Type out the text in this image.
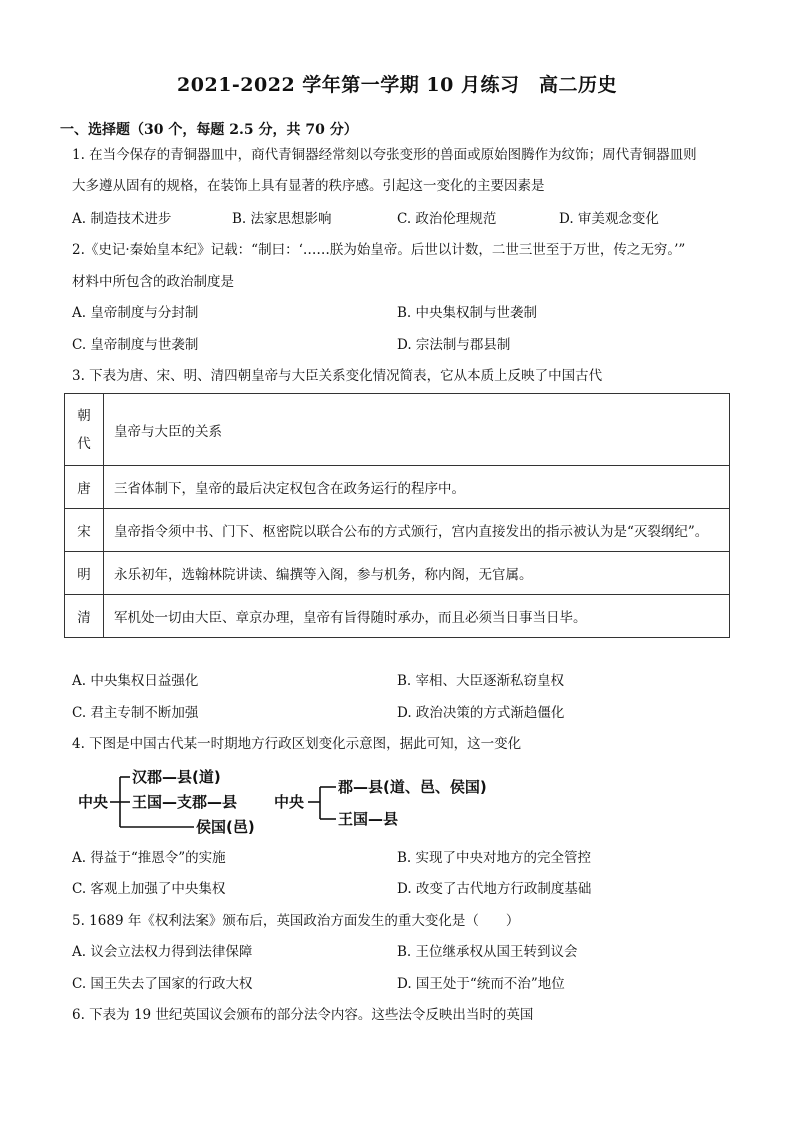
2021-2022 学年第一学期 10 月练习　高二历史
一、选择题（30 个，每题 2.5 分，共 70 分）
1. 在当今保存的青铜器皿中，商代青铜器经常刻以夸张变形的兽面或原始图腾作为纹饰；周代青铜器皿则
大多遵从固有的规格，在装饰上具有显著的秩序感。引起这一变化的主要因素是
A. 制造技术进步	B. 法家思想影响	C. 政治伦理规范	D. 审美观念变化
2.《史记·秦始皇本纪》记载：“制曰：‘……朕为始皇帝。后世以计数，二世三世至于万世，传之无穷。’”
材料中所包含的政治制度是
A. 皇帝制度与分封制	B. 中央集权制与世袭制
C. 皇帝制度与世袭制	D. 宗法制与郡县制
3. 下表为唐、宋、明、清四朝皇帝与大臣关系变化情况简表，它从本质上反映了中国古代
朝
代	皇帝与大臣的关系
唐	三省体制下，皇帝的最后决定权包含在政务运行的程序中。
宋	皇帝指令须中书、门下、枢密院以联合公布的方式颁行，宫内直接发出的指示被认为是“灭裂纲纪”。
明	永乐初年，选翰林院讲读、编撰等入阁，参与机务，称内阁，无官属。
清	军机处一切由大臣、章京办理，皇帝有旨得随时承办，而且必须当日事当日毕。
A. 中央集权日益强化	B. 宰相、大臣逐渐私窃皇权
C. 君主专制不断加强	D. 政治决策的方式渐趋僵化
4. 下图是中国古代某一时期地方行政区划变化示意图，据此可知，这一变化
中央
汉郡—县(道)
王国—支郡—县
侯国(邑)
中央
郡—县(道、邑、侯国)
王国—县
A. 得益于“推恩令”的实施	B. 实现了中央对地方的完全管控
C. 客观上加强了中央集权	D. 改变了古代地方行政制度基础
5. 1689 年《权利法案》颁布后，英国政治方面发生的重大变化是（　　）
A. 议会立法权力得到法律保障	B. 王位继承权从国王转到议会
C. 国王失去了国家的行政大权	D. 国王处于“统而不治”地位
6. 下表为 19 世纪英国议会颁布的部分法令内容。这些法令反映出当时的英国
